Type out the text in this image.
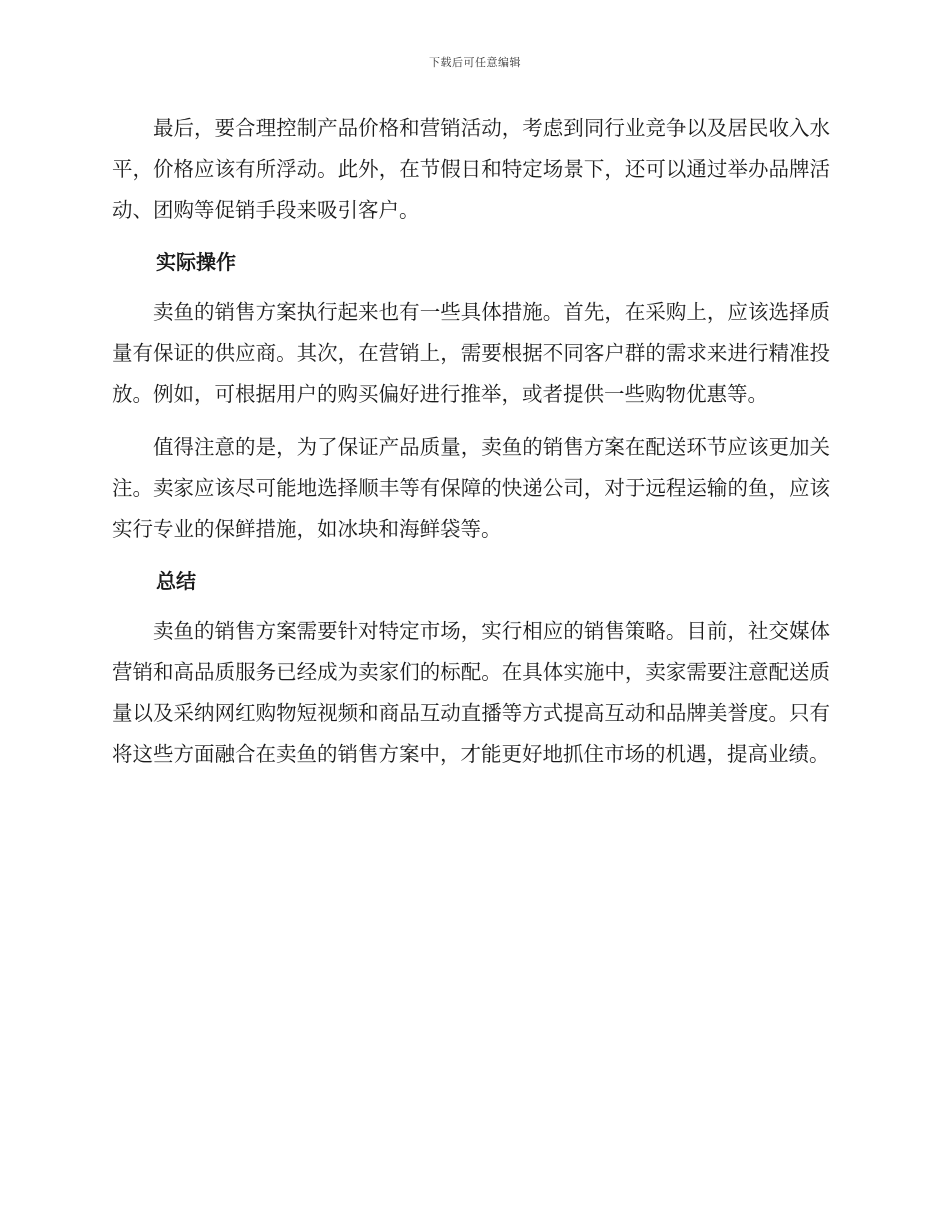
下载后可任意编辑

最后，要合理控制产品价格和营销活动，考虑到同行业竞争以及居民收入水平，价格应该有所浮动。此外，在节假日和特定场景下，还可以通过举办品牌活动、团购等促销手段来吸引客户。

实际操作

卖鱼的销售方案执行起来也有一些具体措施。首先，在采购上，应该选择质量有保证的供应商。其次，在营销上，需要根据不同客户群的需求来进行精准投放。例如，可根据用户的购买偏好进行推举，或者提供一些购物优惠等。

值得注意的是，为了保证产品质量，卖鱼的销售方案在配送环节应该更加关注。卖家应该尽可能地选择顺丰等有保障的快递公司，对于远程运输的鱼，应该实行专业的保鲜措施，如冰块和海鲜袋等。

总结

卖鱼的销售方案需要针对特定市场，实行相应的销售策略。目前，社交媒体营销和高品质服务已经成为卖家们的标配。在具体实施中，卖家需要注意配送质量以及采纳网红购物短视频和商品互动直播等方式提高互动和品牌美誉度。只有将这些方面融合在卖鱼的销售方案中，才能更好地抓住市场的机遇，提高业绩。
